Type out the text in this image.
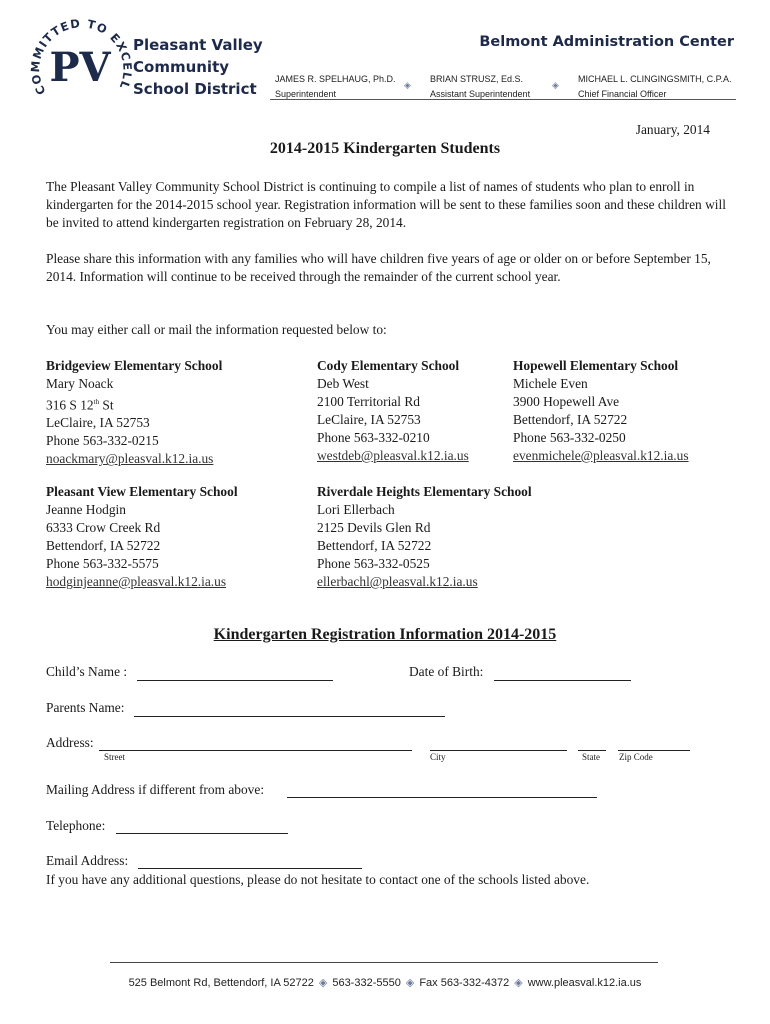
COMMITTED TO EX L
PV Pleasant Valley
Community
School District
Belmont Administration Center
JAMES R. SPELHAUG, Ph.D.
Superintendent
◈
BRIAN STRUSZ, Ed.S.
Assistant Superintendent
◈
MICHAEL L. CLINGINGSMITH, C.P.A.
Chief Financial Officer
January, 2014
2014-2015 Kindergarten Students
The Pleasant Valley Community School District is continuing to compile a list of names of students who plan to enroll in kindergarten for the 2014-2015 school year. Registration information will be sent to these families soon and these children will be invited to attend kindergarten registration on February 28, 2014.
Please share this information with any families who will have children five years of age or older on or before September 15, 2014. Information will continue to be received through the remainder of the current school year.
You may either call or mail the information requested below to:
Bridgeview Elementary School
Mary Noack
316 S 12th St
LeClaire, IA 52753
Phone 563-332-0215
noackmary@pleasval.k12.ia.us
Cody Elementary School
Deb West
2100 Territorial Rd
LeClaire, IA 52753
Phone 563-332-0210
westdeb@pleasval.k12.ia.us
Hopewell Elementary School
Michele Even
3900 Hopewell Ave
Bettendorf, IA 52722
Phone 563-332-0250
evenmichele@pleasval.k12.ia.us
Pleasant View Elementary School
Jeanne Hodgin
6333 Crow Creek Rd
Bettendorf, IA 52722
Phone 563-332-5575
hodginjeanne@pleasval.k12.ia.us
Riverdale Heights Elementary School
Lori Ellerbach
2125 Devils Glen Rd
Bettendorf, IA 52722
Phone 563-332-0525
ellerbachl@pleasval.k12.ia.us
Kindergarten Registration Information 2014-2015
Child’s Name :	Date of Birth:
Parents Name:
Address:
Street	City	State Zip Code
Mailing Address if different from above:
Telephone:
Email Address:
If you have any additional questions, please do not hesitate to contact one of the schools listed above.
525 Belmont Rd, Bettendorf, IA 52722 ◈ 563-332-5550 ◈ Fax 563-332-4372 ◈ www.pleasval.k12.ia.us
